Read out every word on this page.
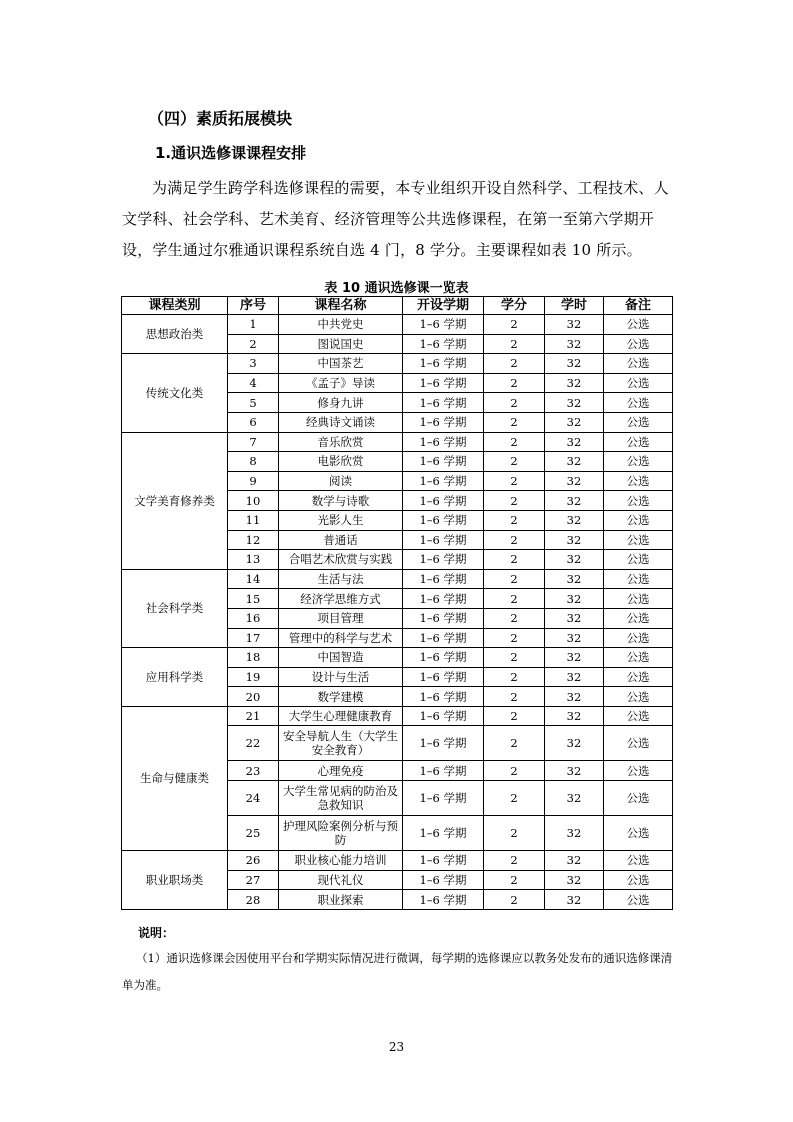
（四）素质拓展模块
1.通识选修课课程安排
为满足学生跨学科选修课程的需要，本专业组织开设自然科学、工程技术、人文学科、社会学科、艺术美育、经济管理等公共选修课程，在第一至第六学期开设，学生通过尔雅通识课程系统自选 4 门，8 学分。主要课程如表 10 所示。
表 10 通识选修课一览表
课程类别	序号	课程名称	开设学期	学分	学时	备注
思想政治类	1	中共党史	1–6 学期	2	32	公选
	2	图说国史	1–6 学期	2	32	公选
传统文化类	3	中国茶艺	1–6 学期	2	32	公选
	4	《孟子》导读	1–6 学期	2	32	公选
	5	修身九讲	1–6 学期	2	32	公选
	6	经典诗文诵读	1–6 学期	2	32	公选
文学美育修养类	7	音乐欣赏	1–6 学期	2	32	公选
	8	电影欣赏	1–6 学期	2	32	公选
	9	阅读	1–6 学期	2	32	公选
	10	数学与诗歌	1–6 学期	2	32	公选
	11	光影人生	1–6 学期	2	32	公选
	12	普通话	1–6 学期	2	32	公选
	13	合唱艺术欣赏与实践	1–6 学期	2	32	公选
社会科学类	14	生活与法	1–6 学期	2	32	公选
	15	经济学思维方式	1–6 学期	2	32	公选
	16	项目管理	1–6 学期	2	32	公选
	17	管理中的科学与艺术	1–6 学期	2	32	公选
应用科学类	18	中国智造	1–6 学期	2	32	公选
	19	设计与生活	1–6 学期	2	32	公选
	20	数学建模	1–6 学期	2	32	公选
生命与健康类	21	大学生心理健康教育	1–6 学期	2	32	公选
	22	安全导航人生（大学生安全教育）	1–6 学期	2	32	公选
	23	心理免疫	1–6 学期	2	32	公选
	24	大学生常见病的防治及急救知识	1–6 学期	2	32	公选
	25	护理风险案例分析与预防	1–6 学期	2	32	公选
职业职场类	26	职业核心能力培训	1–6 学期	2	32	公选
	27	现代礼仪	1–6 学期	2	32	公选
	28	职业探索	1–6 学期	2	32	公选
说明：
（1）通识选修课会因使用平台和学期实际情况进行微调，每学期的选修课应以教务处发布的通识选修课清单为准。
23
